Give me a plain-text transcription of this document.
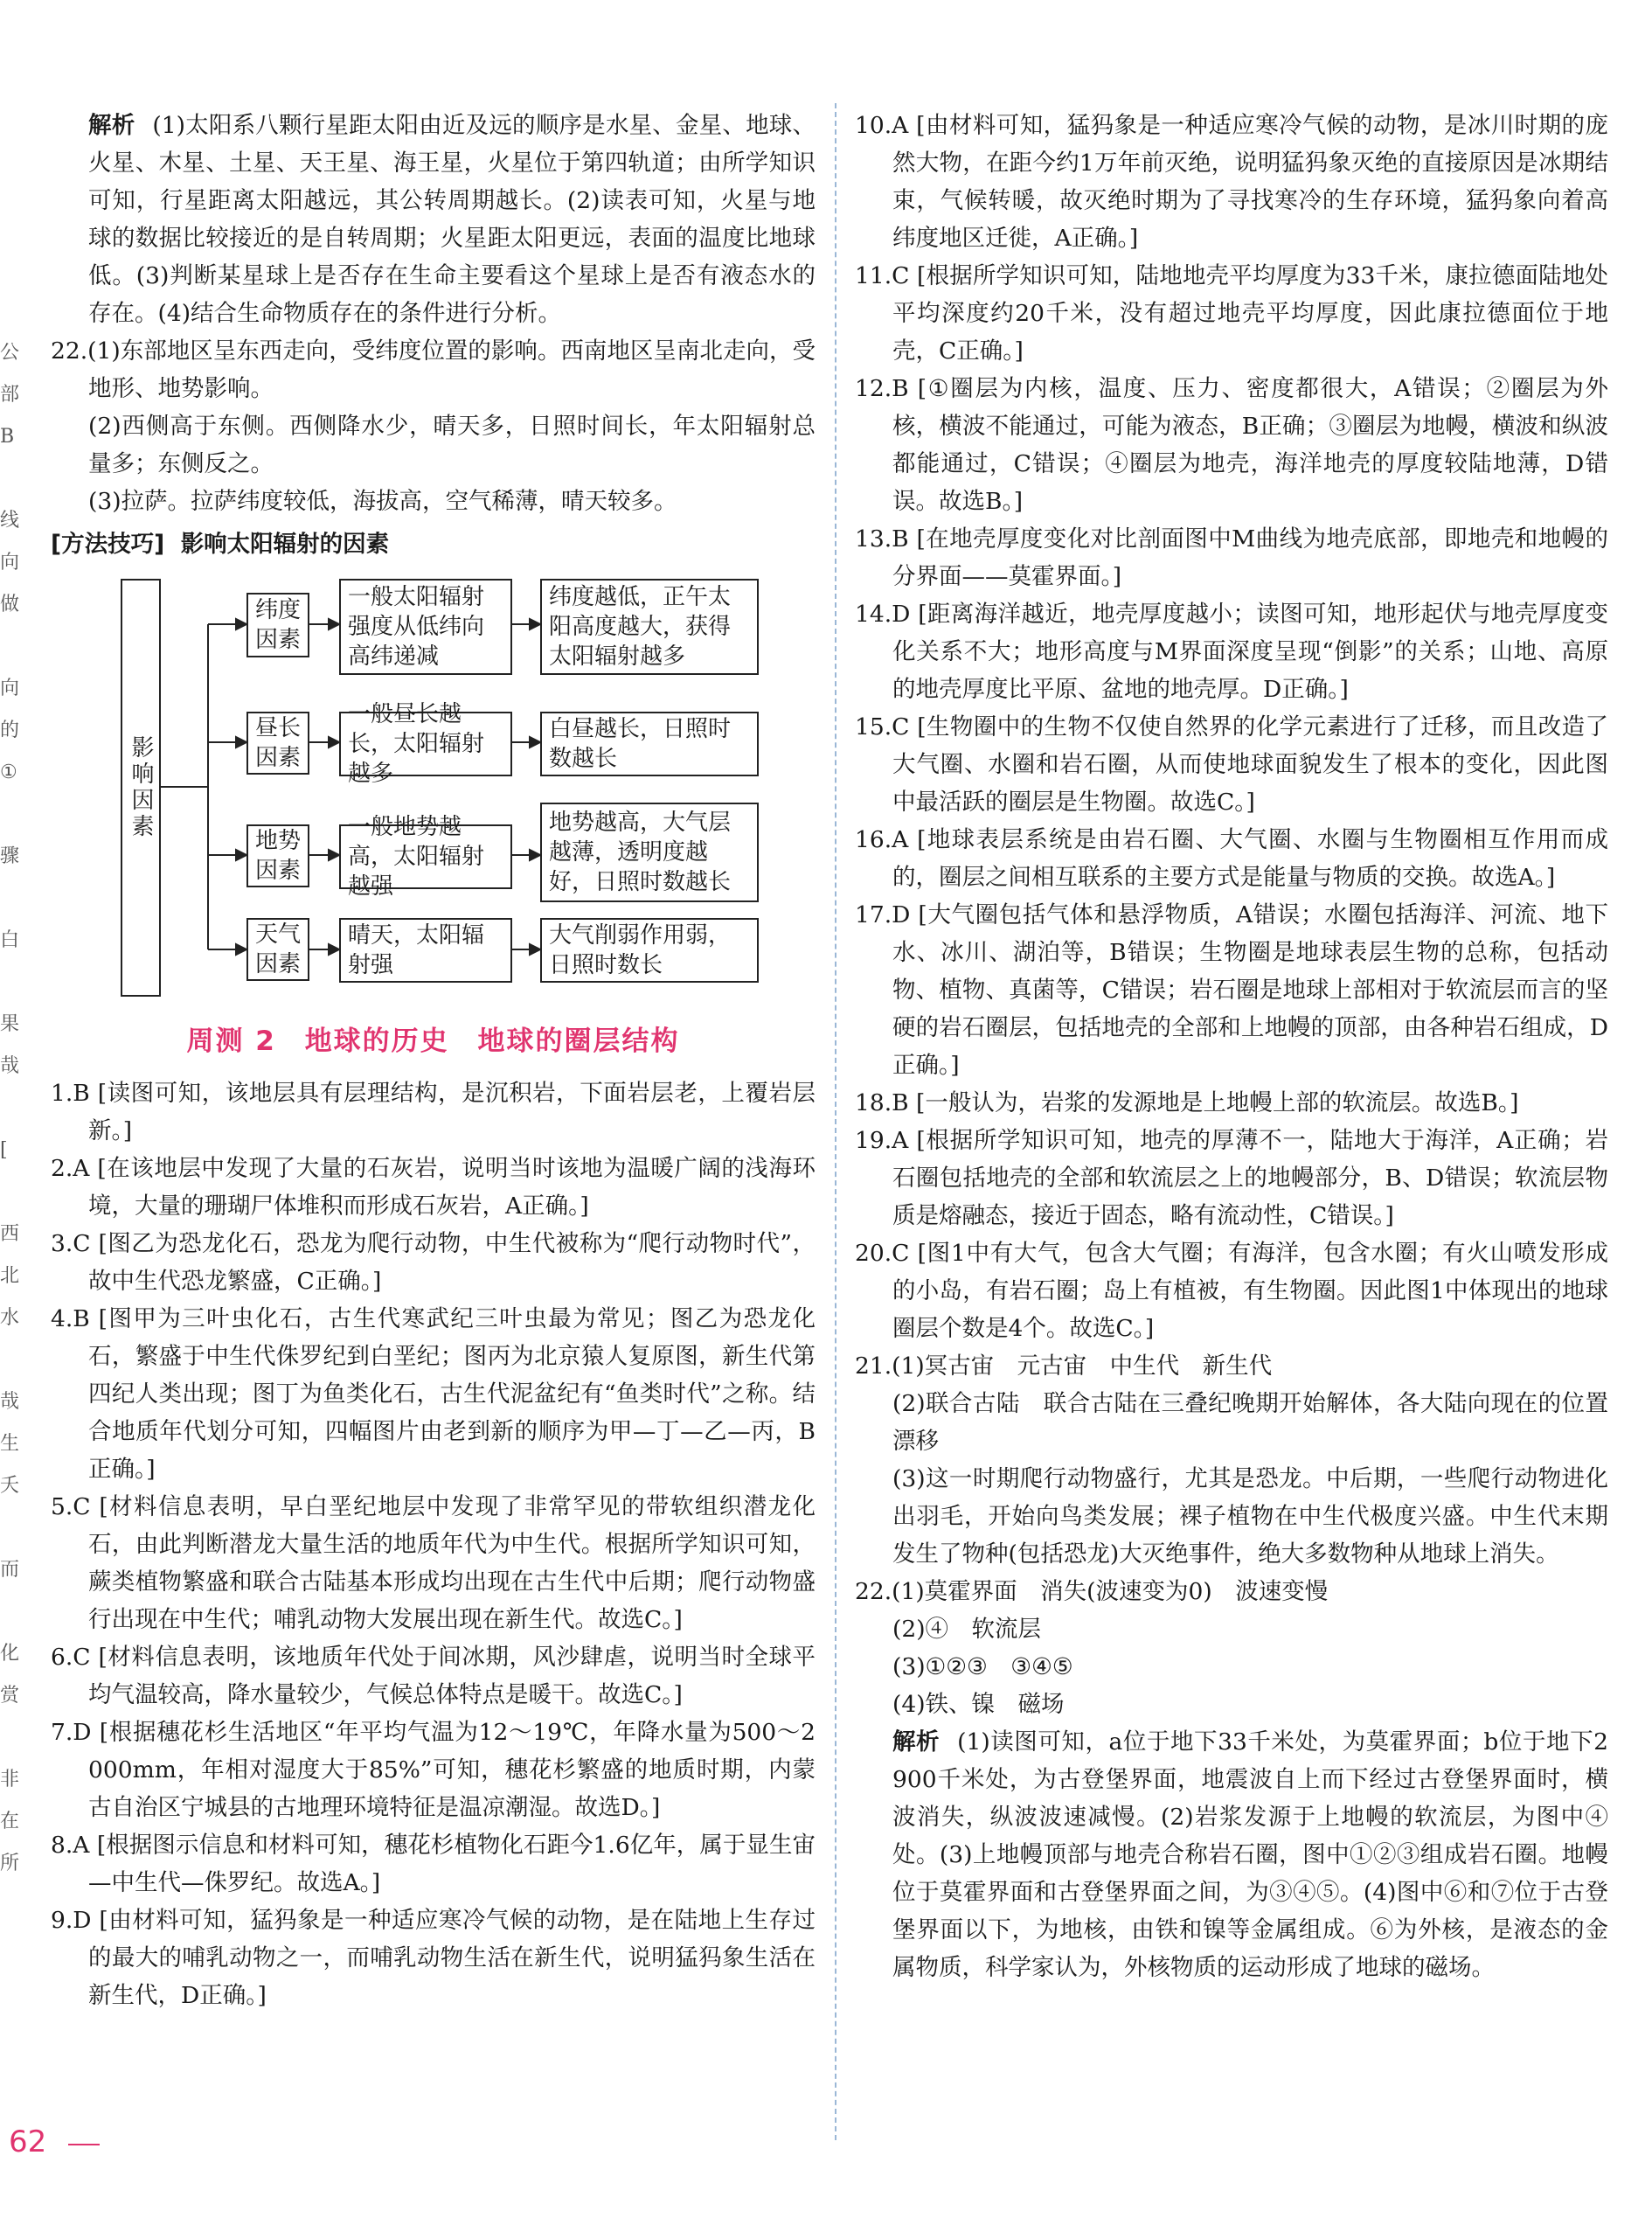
公
部
B

线
向
做

向
的
①

骤

白

果
哉

[

西
北
水

哉
生
夭

而

化
赏

非
在
所

解析 (1)太阳系八颗行星距太阳由近及远的顺序是水星、金星、地球、火星、木星、土星、天王星、海王星，火星位于第四轨道；由所学知识可知，行星距离太阳越远，其公转周期越长。(2)读表可知，火星与地球的数据比较接近的是自转周期；火星距太阳更远，表面的温度比地球低。(3)判断某星球上是否存在生命主要看这个星球上是否有液态水的存在。(4)结合生命物质存在的条件进行分析。

22.(1)东部地区呈东西走向，受纬度位置的影响。西南地区呈南北走向，受地形、地势影响。

(2)西侧高于东侧。西侧降水少，晴天多，日照时间长，年太阳辐射总量多；东侧反之。

(3)拉萨。拉萨纬度较低，海拔高，空气稀薄，晴天较多。

[方法技巧] 影响太阳辐射的因素

影响因素
纬度因素
昼长因素
地势因素
天气因素
一般太阳辐射强度从低纬向高纬递减
一般昼长越长，太阳辐射越多
一般地势越高，太阳辐射越强
晴天，太阳辐射强
纬度越低，正午太阳高度越大，获得太阳辐射越多
白昼越长，日照时数越长
地势越高，大气层越薄，透明度越好，日照时数越长
大气削弱作用弱，日照时数长
周测 2 地球的历史 地球的圈层结构

1.B [读图可知，该地层具有层理结构，是沉积岩，下面岩层老，上覆岩层新。]

2.A [在该地层中发现了大量的石灰岩，说明当时该地为温暖广阔的浅海环境，大量的珊瑚尸体堆积而形成石灰岩，A正确。]

3.C [图乙为恐龙化石，恐龙为爬行动物，中生代被称为“爬行动物时代”，故中生代恐龙繁盛，C正确。]

4.B [图甲为三叶虫化石，古生代寒武纪三叶虫最为常见；图乙为恐龙化石，繁盛于中生代侏罗纪到白垩纪；图丙为北京猿人复原图，新生代第四纪人类出现；图丁为鱼类化石，古生代泥盆纪有“鱼类时代”之称。结合地质年代划分可知，四幅图片由老到新的顺序为甲—丁—乙—丙，B正确。]

5.C [材料信息表明，早白垩纪地层中发现了非常罕见的带软组织潜龙化石，由此判断潜龙大量生活的地质年代为中生代。根据所学知识可知，蕨类植物繁盛和联合古陆基本形成均出现在古生代中后期；爬行动物盛行出现在中生代；哺乳动物大发展出现在新生代。故选C。]

6.C [材料信息表明，该地质年代处于间冰期，风沙肆虐，说明当时全球平均气温较高，降水量较少，气候总体特点是暖干。故选C。]

7.D [根据穗花杉生活地区“年平均气温为12～19℃，年降水量为500～2 000mm，年相对湿度大于85%”可知，穗花杉繁盛的地质时期，内蒙古自治区宁城县的古地理环境特征是温凉潮湿。故选D。]

8.A [根据图示信息和材料可知，穗花杉植物化石距今1.6亿年，属于显生宙—中生代—侏罗纪。故选A。]

9.D [由材料可知，猛犸象是一种适应寒冷气候的动物，是在陆地上生存过的最大的哺乳动物之一，而哺乳动物生活在新生代，说明猛犸象生活在新生代，D正确。]

10.A [由材料可知，猛犸象是一种适应寒冷气候的动物，是冰川时期的庞然大物，在距今约1万年前灭绝，说明猛犸象灭绝的直接原因是冰期结束，气候转暖，故灭绝时期为了寻找寒冷的生存环境，猛犸象向着高纬度地区迁徙，A正确。]

11.C [根据所学知识可知，陆地地壳平均厚度为33千米，康拉德面陆地处平均深度约20千米，没有超过地壳平均厚度，因此康拉德面位于地壳，C正确。]

12.B [①圈层为内核，温度、压力、密度都很大，A错误；②圈层为外核，横波不能通过，可能为液态，B正确；③圈层为地幔，横波和纵波都能通过，C错误；④圈层为地壳，海洋地壳的厚度较陆地薄，D错误。故选B。]

13.B [在地壳厚度变化对比剖面图中M曲线为地壳底部，即地壳和地幔的分界面——莫霍界面。]

14.D [距离海洋越近，地壳厚度越小；读图可知，地形起伏与地壳厚度变化关系不大；地形高度与M界面深度呈现“倒影”的关系；山地、高原的地壳厚度比平原、盆地的地壳厚。D正确。]

15.C [生物圈中的生物不仅使自然界的化学元素进行了迁移，而且改造了大气圈、水圈和岩石圈，从而使地球面貌发生了根本的变化，因此图中最活跃的圈层是生物圈。故选C。]

16.A [地球表层系统是由岩石圈、大气圈、水圈与生物圈相互作用而成的，圈层之间相互联系的主要方式是能量与物质的交换。故选A。]

17.D [大气圈包括气体和悬浮物质，A错误；水圈包括海洋、河流、地下水、冰川、湖泊等，B错误；生物圈是地球表层生物的总称，包括动物、植物、真菌等，C错误；岩石圈是地球上部相对于软流层而言的坚硬的岩石圈层，包括地壳的全部和上地幔的顶部，由各种岩石组成，D正确。]

18.B [一般认为，岩浆的发源地是上地幔上部的软流层。故选B。]

19.A [根据所学知识可知，地壳的厚薄不一，陆地大于海洋，A正确；岩石圈包括地壳的全部和软流层之上的地幔部分，B、D错误；软流层物质是熔融态，接近于固态，略有流动性，C错误。]

20.C [图1中有大气，包含大气圈；有海洋，包含水圈；有火山喷发形成的小岛，有岩石圈；岛上有植被，有生物圈。因此图1中体现出的地球圈层个数是4个。故选C。]

21.(1)冥古宙　元古宙　中生代　新生代

(2)联合古陆　联合古陆在三叠纪晚期开始解体，各大陆向现在的位置漂移

(3)这一时期爬行动物盛行，尤其是恐龙。中后期，一些爬行动物进化出羽毛，开始向鸟类发展；裸子植物在中生代极度兴盛。中生代末期发生了物种(包括恐龙)大灭绝事件，绝大多数物种从地球上消失。

22.(1)莫霍界面　消失(波速变为0)　波速变慢

(2)④　软流层

(3)①②③　③④⑤

(4)铁、镍　磁场

解析 (1)读图可知，a位于地下33千米处，为莫霍界面；b位于地下2 900千米处，为古登堡界面，地震波自上而下经过古登堡界面时，横波消失，纵波波速减慢。(2)岩浆发源于上地幔的软流层，为图中④处。(3)上地幔顶部与地壳合称岩石圈，图中①②③组成岩石圈。地幔位于莫霍界面和古登堡界面之间，为③④⑤。(4)图中⑥和⑦位于古登堡界面以下，为地核，由铁和镍等金属组成。⑥为外核，是液态的金属物质，科学家认为，外核物质的运动形成了地球的磁场。

62
